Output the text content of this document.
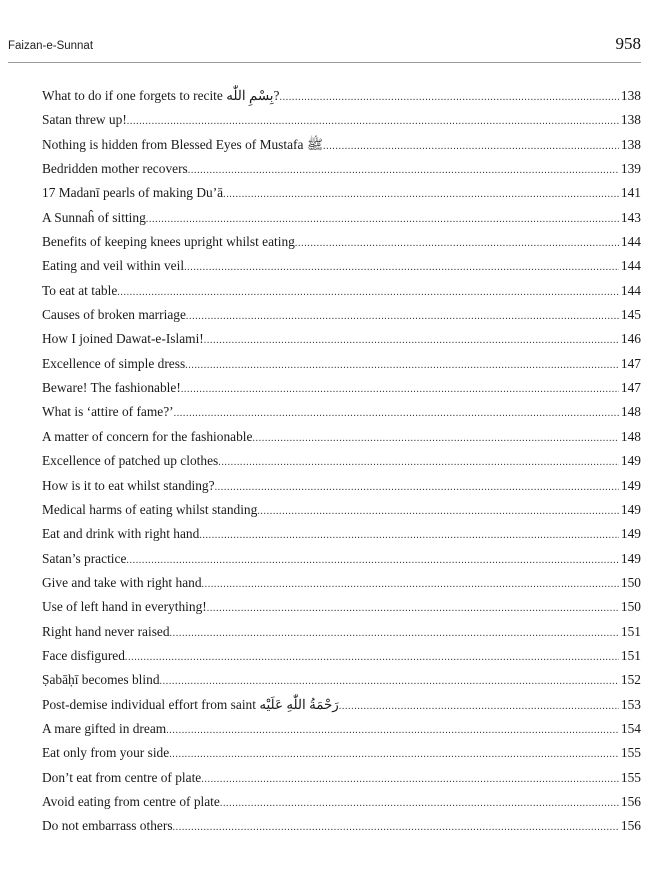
Faizan-e-Sunnat	958
What to do if one forgets to recite بِسْمِ اللّٰه? .....	138
Satan threw up! .....	138
Nothing is hidden from Blessed Eyes of Mustafa ﷺ .....	138
Bedridden mother recovers .....	139
17 Madanī pearls of making Du’ā .....	141
A Sunnaĥ of sitting .....	143
Benefits of keeping knees upright whilst eating .....	144
Eating and veil within veil .....	144
To eat at table .....	144
Causes of broken marriage .....	145
How I joined Dawat-e-Islami! .....	146
Excellence of simple dress .....	147
Beware! The fashionable! .....	147
What is ‘attire of fame?’ .....	148
A matter of concern for the fashionable .....	148
Excellence of patched up clothes .....	149
How is it to eat whilst standing? .....	149
Medical harms of eating whilst standing .....	149
Eat and drink with right hand .....	149
Satan’s practice .....	149
Give and take with right hand .....	150
Use of left hand in everything! .....	150
Right hand never raised .....	151
Face disfigured .....	151
Ṣabāḥī becomes blind .....	152
Post-demise individual effort from saint رَحْمَةُ اللّٰهِ عَلَيْه .....	153
A mare gifted in dream .....	154
Eat only from your side .....	155
Don’t eat from centre of plate .....	155
Avoid eating from centre of plate .....	156
Do not embarrass others .....	156
